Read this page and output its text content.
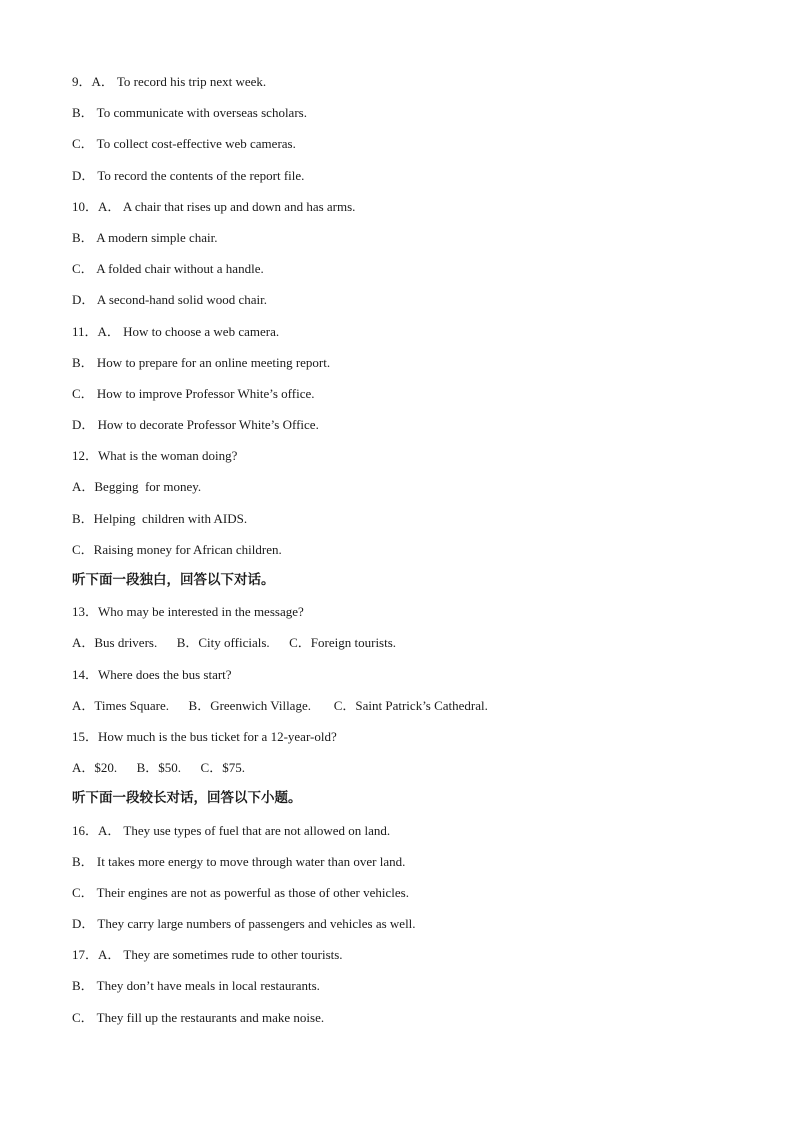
9．A． To record his trip next week.
B． To communicate with overseas scholars.
C． To collect cost-effective web cameras.
D． To record the contents of the report file.
10．A． A chair that rises up and down and has arms.
B． A modern simple chair.
C． A folded chair without a handle.
D． A second-hand solid wood chair.
11．A． How to choose a web camera.
B． How to prepare for an online meeting report.
C． How to improve Professor White’s office.
D． How to decorate Professor White’s Office.
12．What is the woman doing?
A．Begging  for money.
B．Helping  children with AIDS.
C．Raising money for African children.
听下面一段独白，回答以下对话。
13．Who may be interested in the message?
A．Bus drivers.      B．City officials.      C．Foreign tourists.
14．Where does the bus start?
A．Times Square.      B．Greenwich Village.       C．Saint Patrick’s Cathedral.
15．How much is the bus ticket for a 12-year-old?
A．$20.      B．$50.      C．$75.
听下面一段较长对话，回答以下小题。
16．A． They use types of fuel that are not allowed on land.
B． It takes more energy to move through water than over land.
C． Their engines are not as powerful as those of other vehicles.
D． They carry large numbers of passengers and vehicles as well.
17．A． They are sometimes rude to other tourists.
B． They don’t have meals in local restaurants.
C． They fill up the restaurants and make noise.
